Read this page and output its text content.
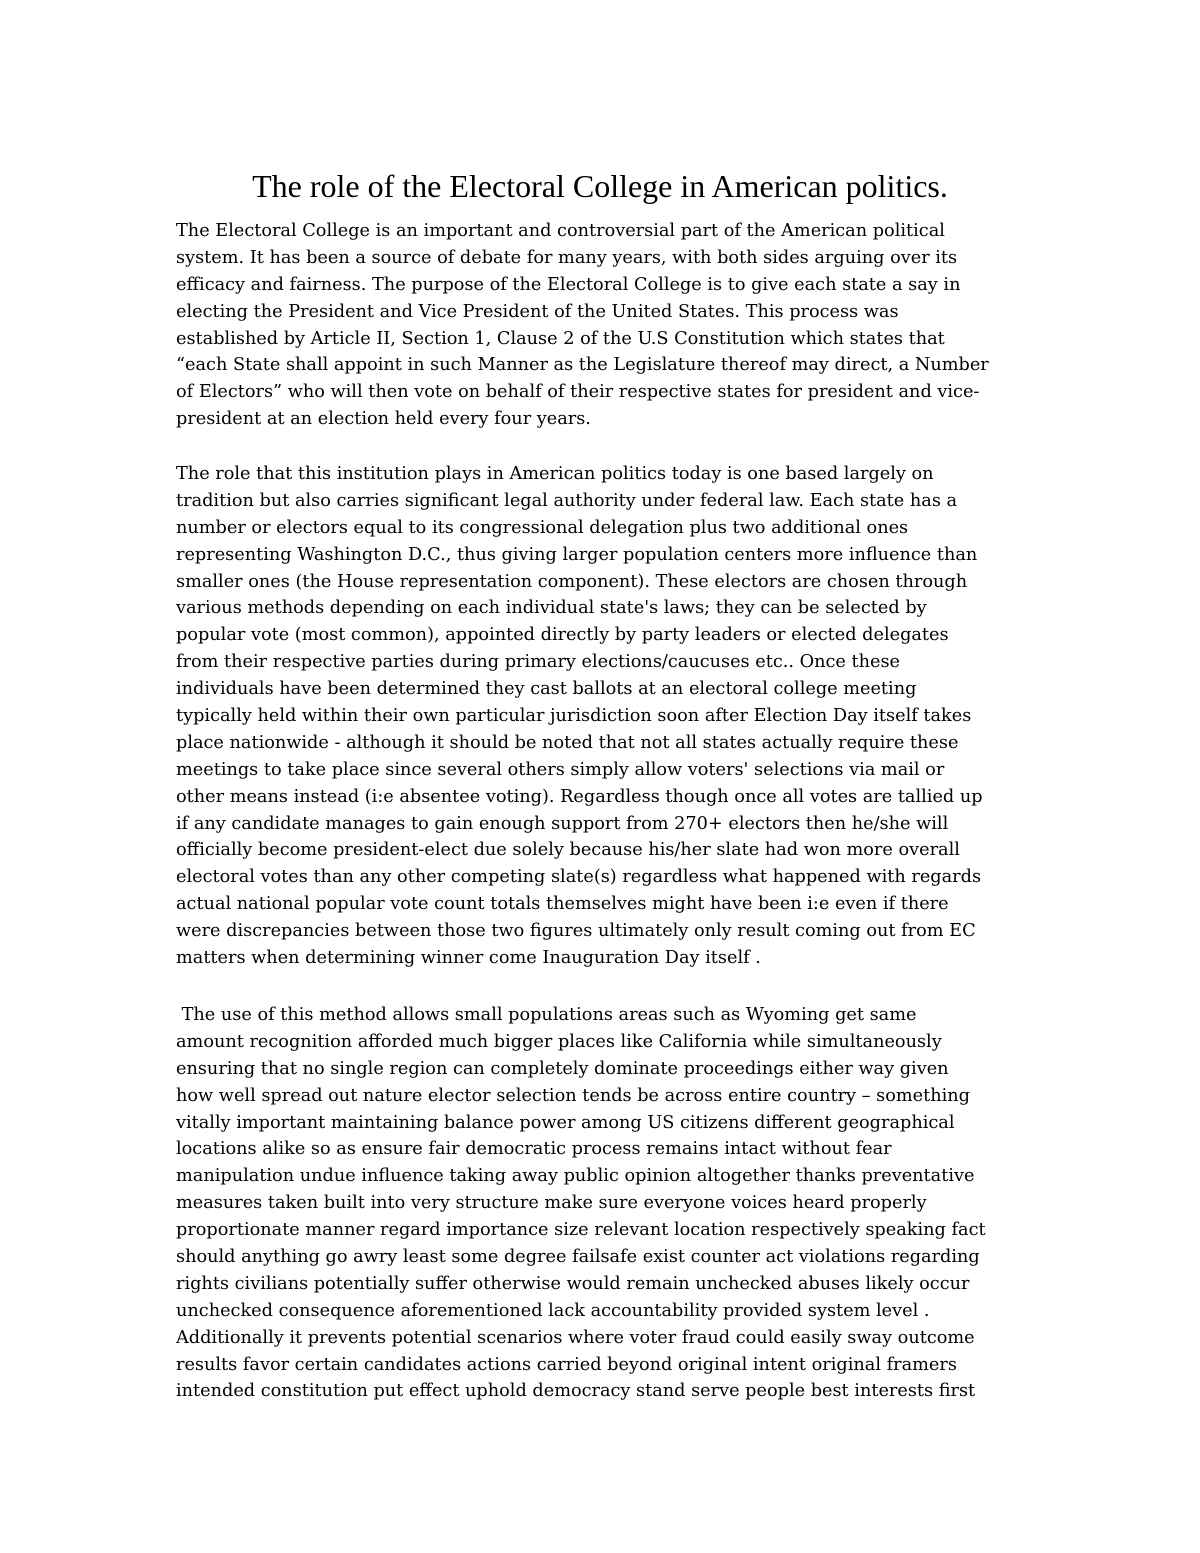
The role of the Electoral College in American politics.

The Electoral College is an important and controversial part of the American political
system. It has been a source of debate for many years, with both sides arguing over its
efficacy and fairness. The purpose of the Electoral College is to give each state a say in
electing the President and Vice President of the United States. This process was
established by Article II, Section 1, Clause 2 of the U.S Constitution which states that
“each State shall appoint in such Manner as the Legislature thereof may direct, a Number
of Electors” who will then vote on behalf of their respective states for president and vice-
president at an election held every four years.

The role that this institution plays in American politics today is one based largely on
tradition but also carries significant legal authority under federal law. Each state has a
number or electors equal to its congressional delegation plus two additional ones
representing Washington D.C., thus giving larger population centers more influence than
smaller ones (the House representation component). These electors are chosen through
various methods depending on each individual state's laws; they can be selected by
popular vote (most common), appointed directly by party leaders or elected delegates
from their respective parties during primary elections/caucuses etc.. Once these
individuals have been determined they cast ballots at an electoral college meeting
typically held within their own particular jurisdiction soon after Election Day itself takes
place nationwide - although it should be noted that not all states actually require these
meetings to take place since several others simply allow voters' selections via mail or
other means instead (i:e absentee voting). Regardless though once all votes are tallied up
if any candidate manages to gain enough support from 270+ electors then he/she will
officially become president-elect due solely because his/her slate had won more overall
electoral votes than any other competing slate(s) regardless what happened with regards
actual national popular vote count totals themselves might have been i:e even if there
were discrepancies between those two figures ultimately only result coming out from EC
matters when determining winner come Inauguration Day itself .

The use of this method allows small populations areas such as Wyoming get same
amount recognition afforded much bigger places like California while simultaneously
ensuring that no single region can completely dominate proceedings either way given
how well spread out nature elector selection tends be across entire country – something
vitally important maintaining balance power among US citizens different geographical
locations alike so as ensure fair democratic process remains intact without fear
manipulation undue influence taking away public opinion altogether thanks preventative
measures taken built into very structure make sure everyone voices heard properly
proportionate manner regard importance size relevant location respectively speaking fact
should anything go awry least some degree failsafe exist counter act violations regarding
rights civilians potentially suffer otherwise would remain unchecked abuses likely occur
unchecked consequence aforementioned lack accountability provided system level .
Additionally it prevents potential scenarios where voter fraud could easily sway outcome
results favor certain candidates actions carried beyond original intent original framers
intended constitution put effect uphold democracy stand serve people best interests first
